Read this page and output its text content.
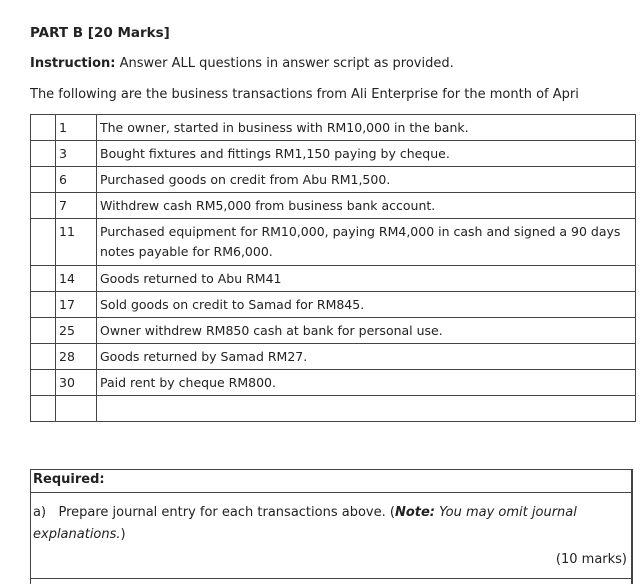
PART B [20 Marks]
Instruction: Answer ALL questions in answer script as provided.
The following are the business transactions from Ali Enterprise for the month of Apri
	1	The owner, started in business with RM10,000 in the bank.
	3	Bought fixtures and fittings RM1,150 paying by cheque.
	6	Purchased goods on credit from Abu RM1,500.
	7	Withdrew cash RM5,000 from business bank account.
	11	Purchased equipment for RM10,000, paying RM4,000 in cash and signed a 90 days notes payable for RM6,000.
	14	Goods returned to Abu RM41
	17	Sold goods on credit to Samad for RM845.
	25	Owner withdrew RM850 cash at bank for personal use.
	28	Goods returned by Samad RM27.
	30	Paid rent by cheque RM800.

Required:
a) Prepare journal entry for each transactions above. (Note: You may omit journal explanations.)
(10 marks)
